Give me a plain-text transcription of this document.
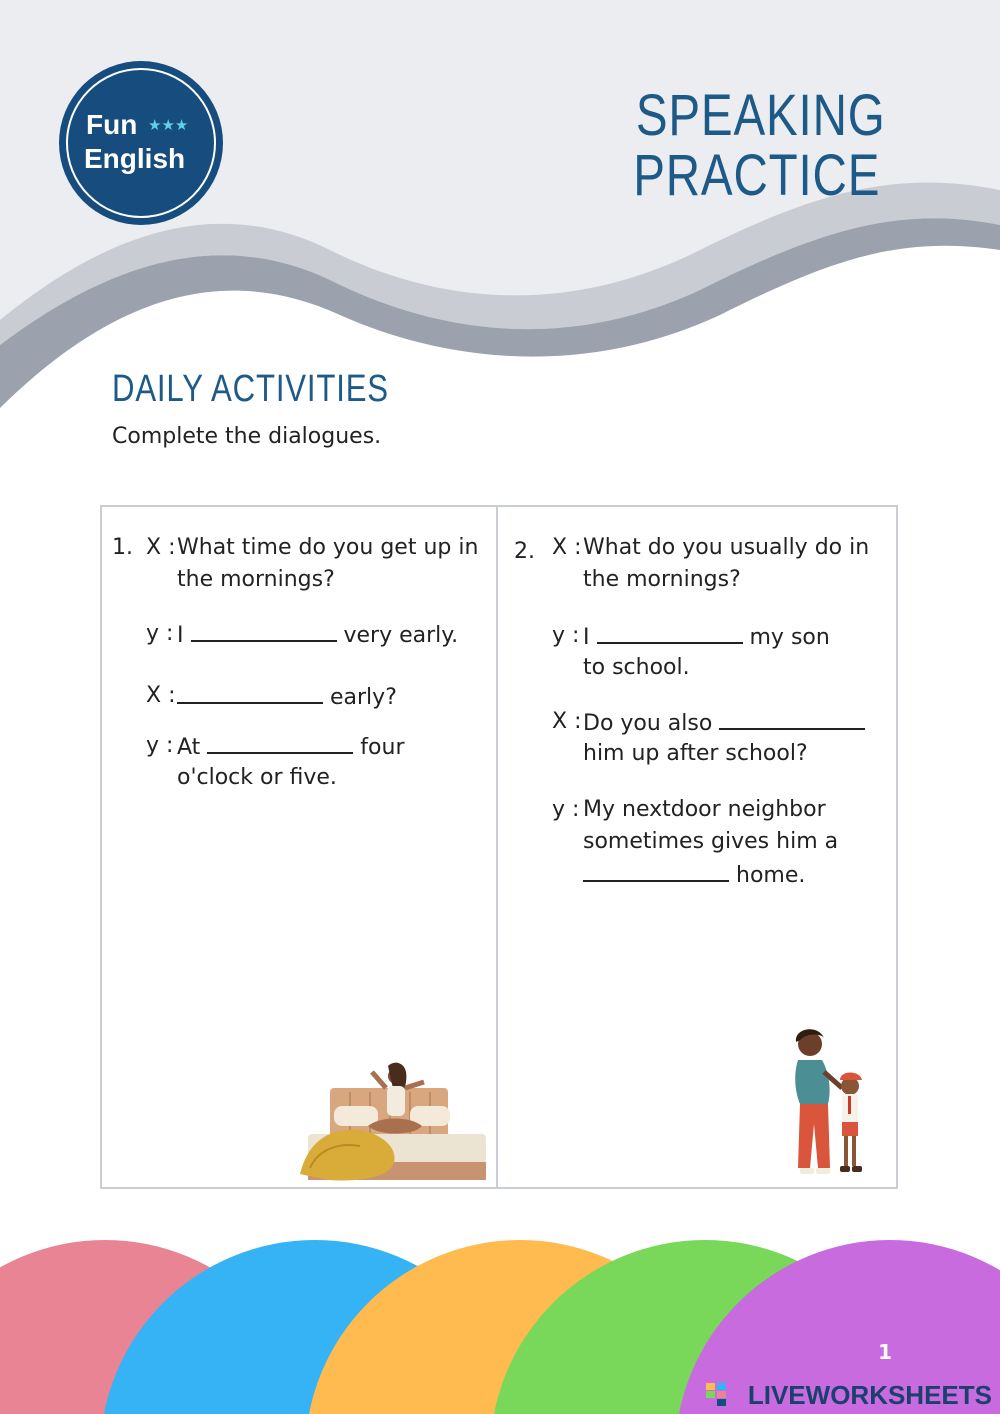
Fun
English
★★★	SPEAKING
PRACTICE
DAILY ACTIVITIES
Complete the dialogues.
1. X : What time do you get up in
the mornings?
y : I	very early.
X :	early?
y : At	four
o'clock or five.
2. X : What do you usually do in
the mornings?
y : I	my son
to school.
X : Do you also
him up after school?
y : My nextdoor neighbor
sometimes gives him a
home.
1
LIVEWORKSHEETS
